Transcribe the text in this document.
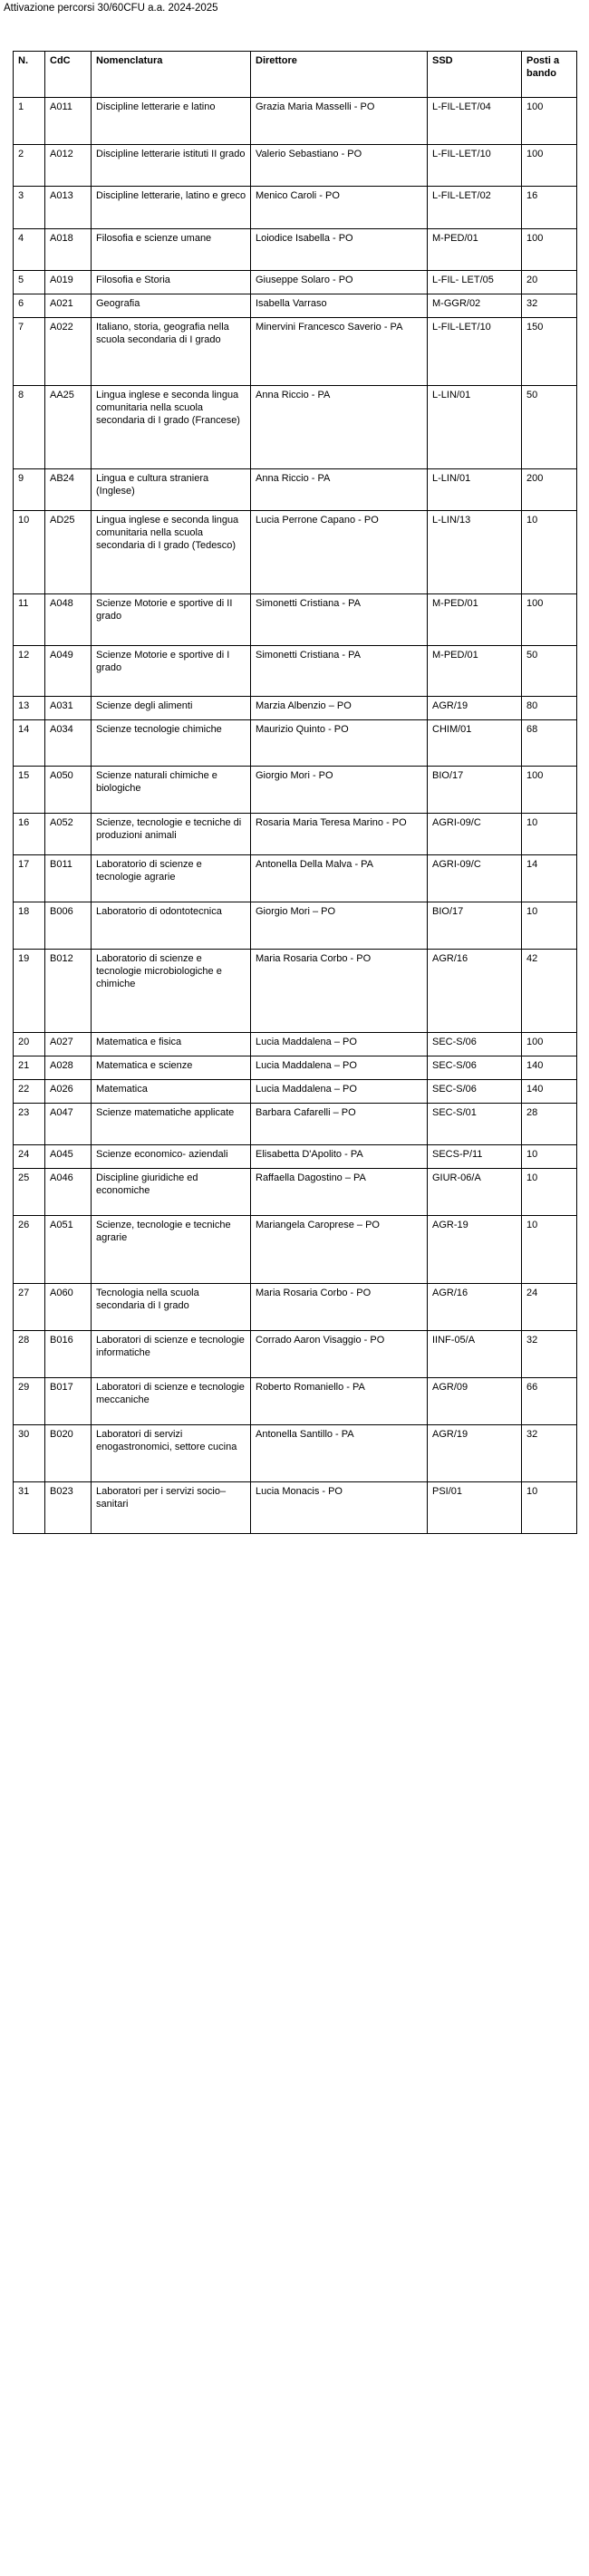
Attivazione percorsi 30/60CFU a.a. 2024-2025
N.	CdC	Nomenclatura	Direttore	SSD	Posti a bando
1	A011	Discipline letterarie e latino	Grazia Maria Masselli - PO	L-FIL-LET/04	100
2	A012	Discipline letterarie istituti II grado	Valerio Sebastiano - PO	L-FIL-LET/10	100
3	A013	Discipline letterarie, latino e greco	Menico Caroli - PO	L-FIL-LET/02	16
4	A018	Filosofia e scienze umane	Loiodice Isabella - PO	M-PED/01	100
5	A019	Filosofia e Storia	Giuseppe Solaro - PO	L-FIL- LET/05	20
6	A021	Geografia	Isabella Varraso	M-GGR/02	32
7	A022	Italiano, storia, geografia nella scuola secondaria di I grado	Minervini Francesco Saverio - PA	L-FIL-LET/10	150
8	AA25	Lingua inglese e seconda lingua comunitaria nella scuola secondaria di I grado (Francese)	Anna Riccio - PA	L-LIN/01	50
9	AB24	Lingua e cultura straniera (Inglese)	Anna Riccio - PA	L-LIN/01	200
10	AD25	Lingua inglese e seconda lingua comunitaria nella scuola secondaria di I grado (Tedesco)	Lucia Perrone Capano - PO	L-LIN/13	10
11	A048	Scienze Motorie e sportive di II grado	Simonetti Cristiana - PA	M-PED/01	100
12	A049	Scienze Motorie e sportive di I grado	Simonetti Cristiana - PA	M-PED/01	50
13	A031	Scienze degli alimenti	Marzia Albenzio – PO	AGR/19	80
14	A034	Scienze tecnologie chimiche	Maurizio Quinto - PO	CHIM/01	68
15	A050	Scienze naturali chimiche e biologiche	Giorgio Mori - PO	BIO/17	100
16	A052	Scienze, tecnologie e tecniche di produzioni animali	Rosaria Maria Teresa Marino - PO	AGRI-09/C	10
17	B011	Laboratorio di scienze e tecnologie agrarie	Antonella Della Malva - PA	AGRI-09/C	14
18	B006	Laboratorio di odontotecnica	Giorgio Mori – PO	BIO/17	10
19	B012	Laboratorio di scienze e tecnologie microbiologiche e chimiche	Maria Rosaria Corbo - PO	AGR/16	42
20	A027	Matematica e fisica	Lucia Maddalena – PO	SEC-S/06	100
21	A028	Matematica e scienze	Lucia Maddalena – PO	SEC-S/06	140
22	A026	Matematica	Lucia Maddalena – PO	SEC-S/06	140
23	A047	Scienze matematiche applicate	Barbara Cafarelli – PO	SEC-S/01	28
24	A045	Scienze economico- aziendali	Elisabetta D'Apolito - PA	SECS-P/11	10
25	A046	Discipline giuridiche ed economiche	Raffaella Dagostino – PA	GIUR-06/A	10
26	A051	Scienze, tecnologie e tecniche agrarie	Mariangela Caroprese – PO	AGR-19	10
27	A060	Tecnologia nella scuola secondaria di I grado	Maria Rosaria Corbo - PO	AGR/16	24
28	B016	Laboratori di scienze e tecnologie informatiche	Corrado Aaron Visaggio - PO	IINF-05/A	32
29	B017	Laboratori di scienze e tecnologie meccaniche	Roberto Romaniello - PA	AGR/09	66
30	B020	Laboratori di servizi enogastronomici, settore cucina	Antonella Santillo - PA	AGR/19	32
31	B023	Laboratori per i servizi socio–sanitari	Lucia Monacis - PO	PSI/01	10
